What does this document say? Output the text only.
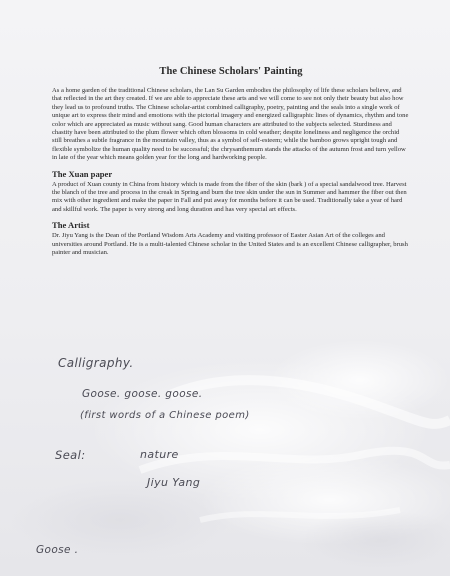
The Chinese Scholars' Painting

As a home garden of the traditional Chinese scholars, the Lan Su Garden embodies the philosophy of life these scholars believe, and that reflected in the art they created. If we are able to appreciate these arts and we will come to see not only their beauty but also how they lead us to profound truths. The Chinese scholar-artist combined calligraphy, poetry, painting and the seals into a single work of unique art to express their mind and emotions with the pictorial imagery and energized calligraphic lines of dynamics, rhythm and tone color which are appreciated as music without sang. Good human characters are attributed to the subjects selected. Sturdiness and chastity have been attributed to the plum flower which often blossoms in cold weather; despite loneliness and negligence the orchid still breathes a subtle fragrance in the mountain valley, thus as a symbol of self-esteem; while the bamboo grows upright tough and flexible symbolize the human quality need to be successful; the chrysanthemum stands the attacks of the autumn frost and turn yellow in late of the year which means golden year for the long and hardworking people.

The Xuan paper

A product of Xuan county in China from history which is made from the fiber of the skin (bark ) of a special sandalwood tree. Harvest the blanch of the tree and process in the creak in Spring and burn the tree skin under the sun in Summer and hammer the fiber out then mix with other ingredient and make the paper in Fall and put away for months before it can be used. Traditionally take a year of hard and skillful work. The paper is very strong and long duration and has very special art effects.

The Artist

Dr. Jiyu Yang is the Dean of the Portland Wisdom Arts Academy and visiting professor of Easter Asian Art of the colleges and universities around Portland. He is a multi-talented Chinese scholar in the United States and is an excellent Chinese calligrapher, brush painter and musician.

Calligraphy.
Goose. goose. goose.
(first words of a Chinese poem)
Seal:	nature
Jiyu Yang
Goose .
